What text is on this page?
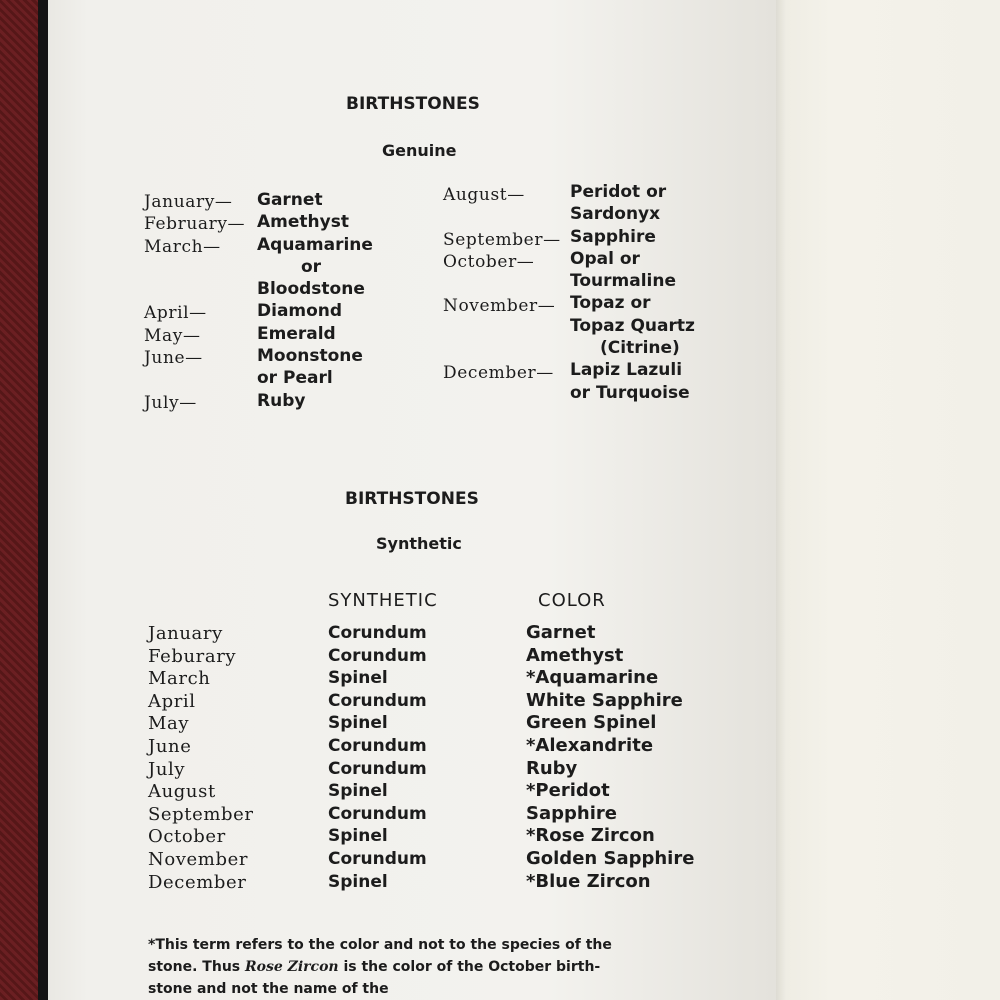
BIRTHSTONES
Genuine
January—
February—
March—
April—
May—
June—
July—
Garnet
Amethyst
Aquamarine
or
Bloodstone
Diamond
Emerald
Moonstone
or Pearl
Ruby
August—
September—
October—
November—
December—
Peridot or
Sardonyx
Sapphire
Opal or
Tourmaline
Topaz or
Topaz Quartz
(Citrine)
Lapiz Lazuli
or Turquoise
BIRTHSTONES
Synthetic
SYNTHETIC	COLOR
January
Feburary
March
April
May
June
July
August
September
October
November
December
Corundum
Corundum
Spinel
Corundum
Spinel
Corundum
Corundum
Spinel
Corundum
Spinel
Corundum
Spinel
Garnet
Amethyst
*Aquamarine
White Sapphire
Green Spinel
*Alexandrite
Ruby
*Peridot
Sapphire
*Rose Zircon
Golden Sapphire
*Blue Zircon
*This term refers to the color and not to the species of the
stone. Thus Rose Zircon is the color of the October birth-
stone and not the name of the
